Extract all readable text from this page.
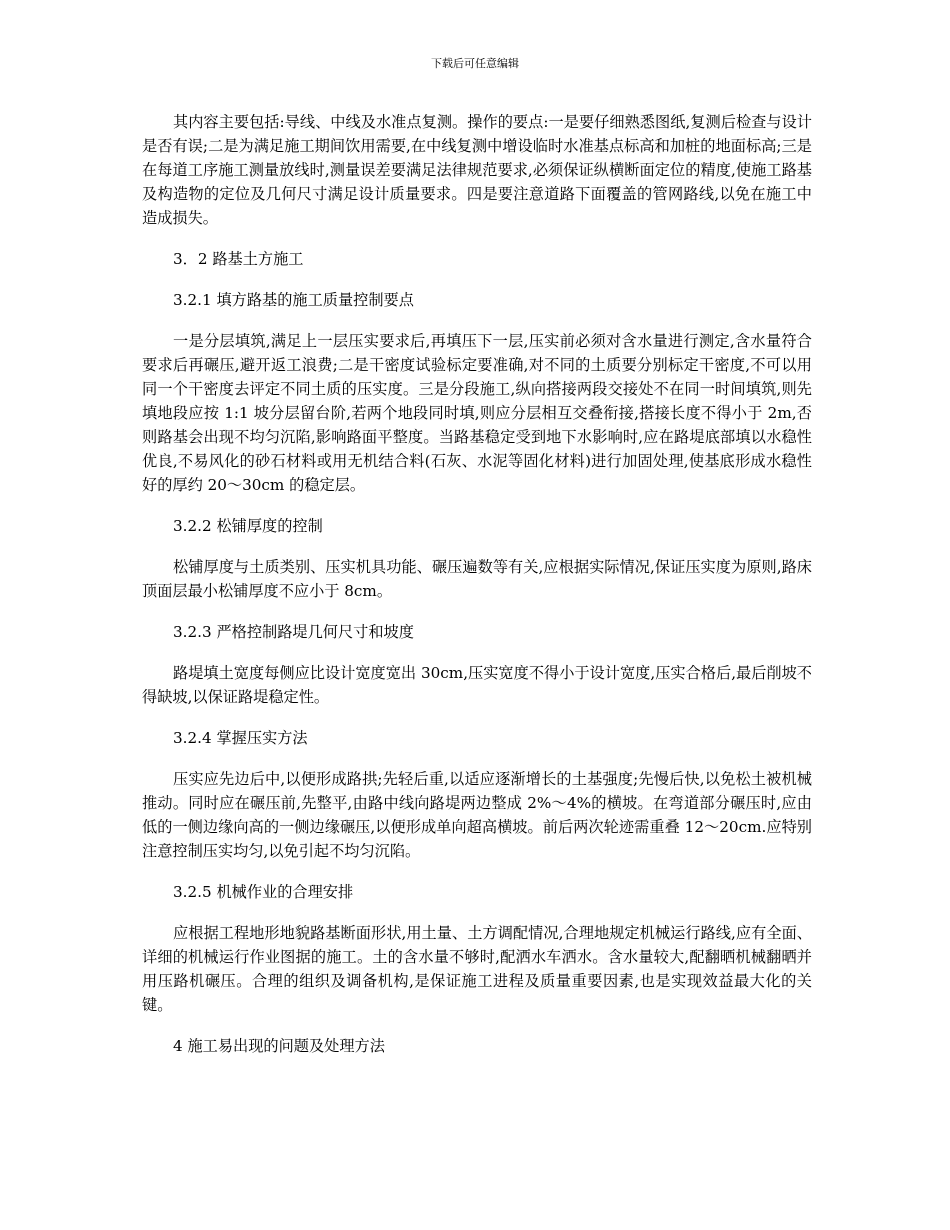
下载后可任意编辑

其内容主要包括:导线、中线及水准点复测。操作的要点:一是要仔细熟悉图纸,复测后检查与设计是否有误;二是为满足施工期间饮用需要,在中线复测中增设临时水准基点标高和加桩的地面标高;三是在每道工序施工测量放线时,测量误差要满足法律规范要求,必须保证纵横断面定位的精度,使施工路基及构造物的定位及几何尺寸满足设计质量要求。四是要注意道路下面覆盖的管网路线,以免在施工中造成损失。

3．2 路基土方施工

3.2.1 填方路基的施工质量控制要点

一是分层填筑,满足上一层压实要求后,再填压下一层,压实前必须对含水量进行测定,含水量符合要求后再碾压,避开返工浪费;二是干密度试验标定要准确,对不同的土质要分别标定干密度,不可以用同一个干密度去评定不同土质的压实度。三是分段施工,纵向搭接两段交接处不在同一时间填筑,则先填地段应按 1:1 坡分层留台阶,若两个地段同时填,则应分层相互交叠衔接,搭接长度不得小于 2m,否则路基会出现不均匀沉陷,影响路面平整度。当路基稳定受到地下水影响时,应在路堤底部填以水稳性优良,不易风化的砂石材料或用无机结合料(石灰、水泥等固化材料)进行加固处理,使基底形成水稳性好的厚约 20～30cm 的稳定层。

3.2.2 松铺厚度的控制

松铺厚度与土质类别、压实机具功能、碾压遍数等有关,应根据实际情况,保证压实度为原则,路床顶面层最小松铺厚度不应小于 8cm。

3.2.3 严格控制路堤几何尺寸和坡度

路堤填土宽度每侧应比设计宽度宽出 30cm,压实宽度不得小于设计宽度,压实合格后,最后削坡不得缺坡,以保证路堤稳定性。

3.2.4 掌握压实方法

压实应先边后中,以便形成路拱;先轻后重,以适应逐渐增长的土基强度;先慢后快,以免松土被机械推动。同时应在碾压前,先整平,由路中线向路堤两边整成 2%～4%的横坡。在弯道部分碾压时,应由低的一侧边缘向高的一侧边缘碾压,以便形成单向超高横坡。前后两次轮迹需重叠 12～20cm.应特别注意控制压实均匀,以免引起不均匀沉陷。

3.2.5 机械作业的合理安排

应根据工程地形地貌路基断面形状,用土量、土方调配情况,合理地规定机械运行路线,应有全面、详细的机械运行作业图据的施工。土的含水量不够时,配洒水车洒水。含水量较大,配翻晒机械翻晒并用压路机碾压。合理的组织及调备机构,是保证施工进程及质量重要因素,也是实现效益最大化的关键。

4 施工易出现的问题及处理方法
